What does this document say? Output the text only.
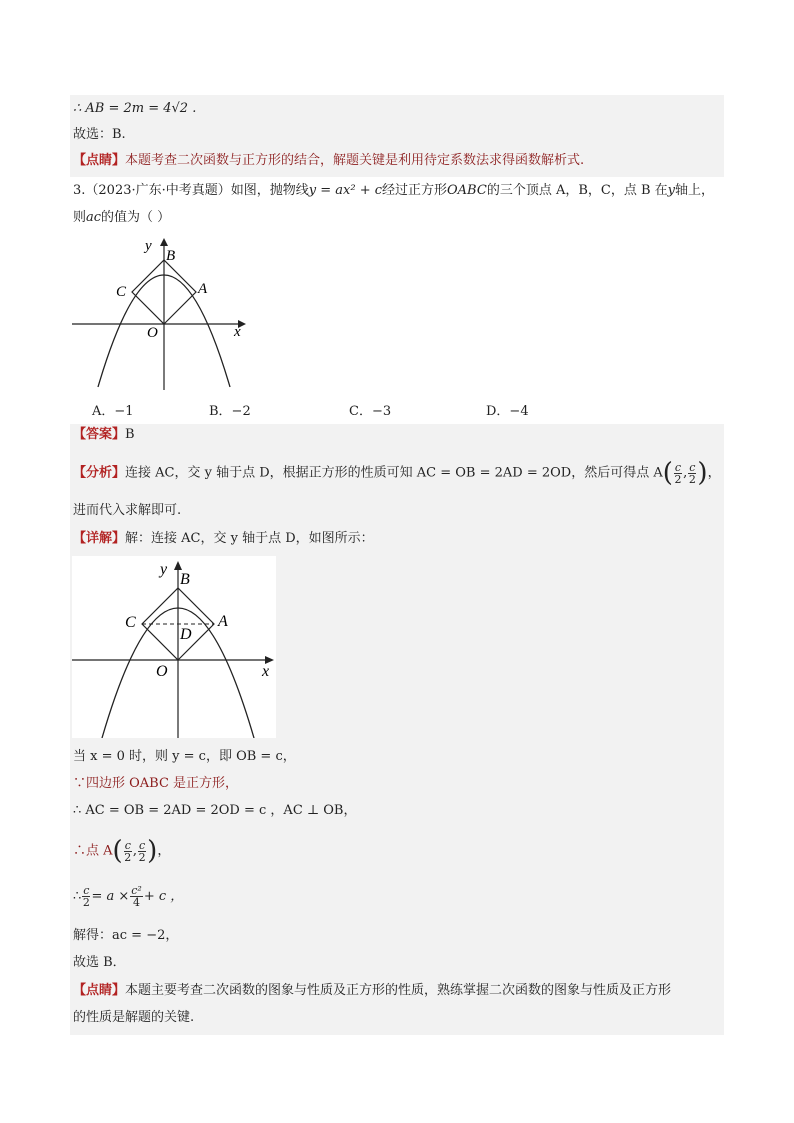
∴ AB = 2m = 4√2 .
故选：B.
【点睛】本题考查二次函数与正方形的结合，解题关键是利用待定系数法求得函数解析式.
3.（2023·广东·中考真题）如图，抛物线y = ax² + c经过正方形OABC的三个顶点 A，B，C，点 B 在y轴上，
则ac的值为（ ）
y
B
C	A
O	x
A．−1	B．−2	C．−3	D．−4
【答案】B
【分析】连接 AC，交 y 轴于点 D，根据正方形的性质可知 AC = OB = 2AD = 2OD，然后可得点 $A( \frac{c}{2}$ , $\frac{c}{2}$ )，
进而代入求解即可.
【详解】解：连接 AC，交 y 轴于点 D，如图所示：
y
B
C	A
D
O	x
当 x = 0 时，则 y = c，即 OB = c，
∵四边形 OABC 是正方形，
∴ AC = OB = 2AD = 2OD = c ，AC ⊥ OB，
∴点 $A( \frac{c}{2}$ , $\frac{c}{2}$ )，
∴ $\frac{c}{2} = a \times \frac{\text{c²}}{4} + c$ ，
解得：ac = −2，
故选 B．
【点睛】本题主要考查二次函数的图象与性质及正方形的性质，熟练掌握二次函数的图象与性质及正方形
的性质是解题的关键.
